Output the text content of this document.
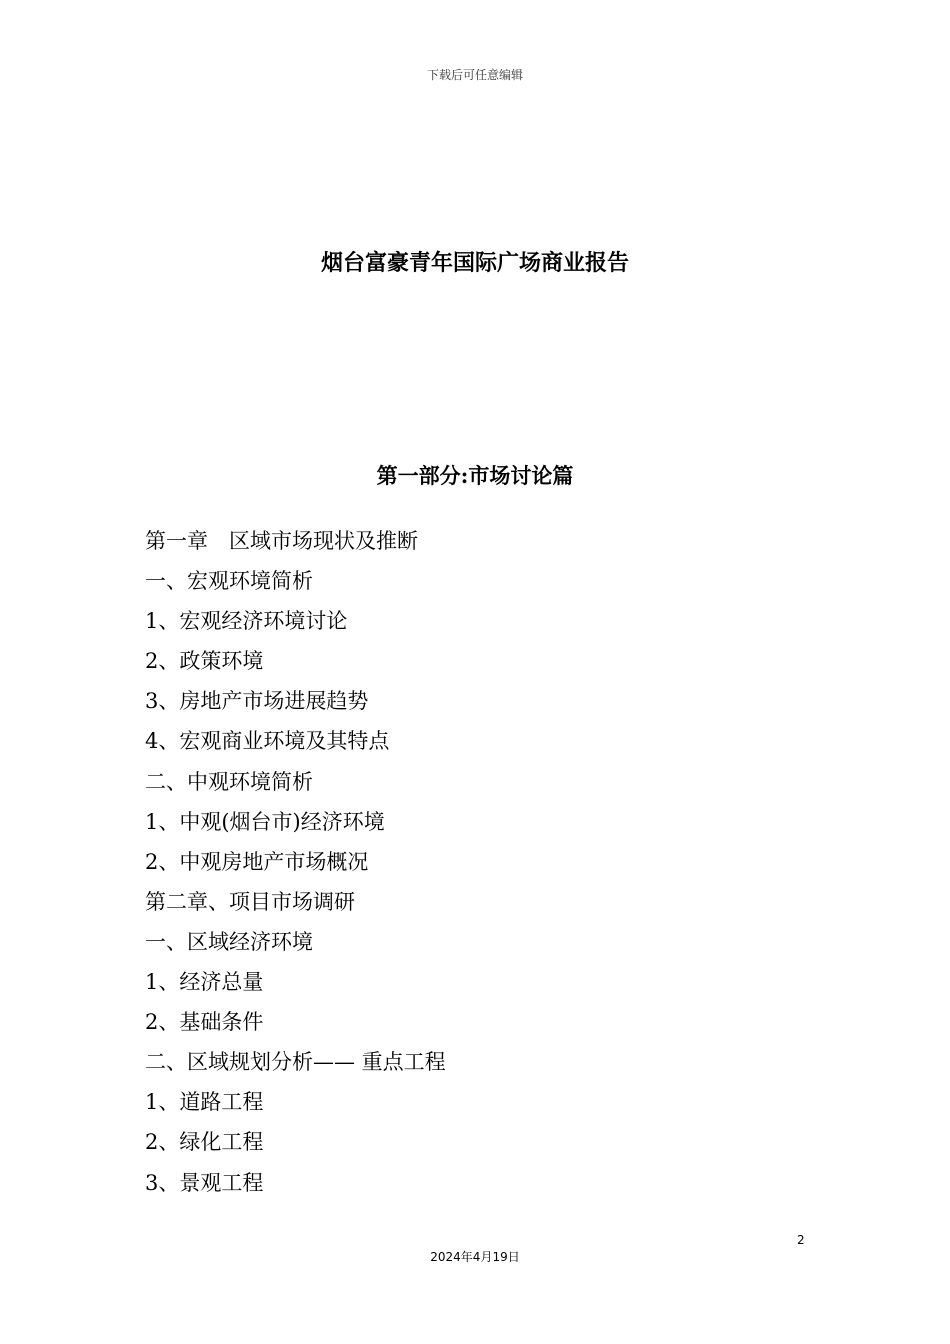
下载后可任意编辑
烟台富豪青年国际广场商业报告
第一部分:市场讨论篇
第一章　区域市场现状及推断
一、宏观环境简析
1、宏观经济环境讨论
2、政策环境
3、房地产市场进展趋势
4、宏观商业环境及其特点
二、中观环境简析
1、中观(烟台市)经济环境
2、中观房地产市场概况
第二章、项目市场调研
一、区域经济环境
1、经济总量
2、基础条件
二、区域规划分析—— 重点工程
1、道路工程
2、绿化工程
3、景观工程
2
2024年4月19日
